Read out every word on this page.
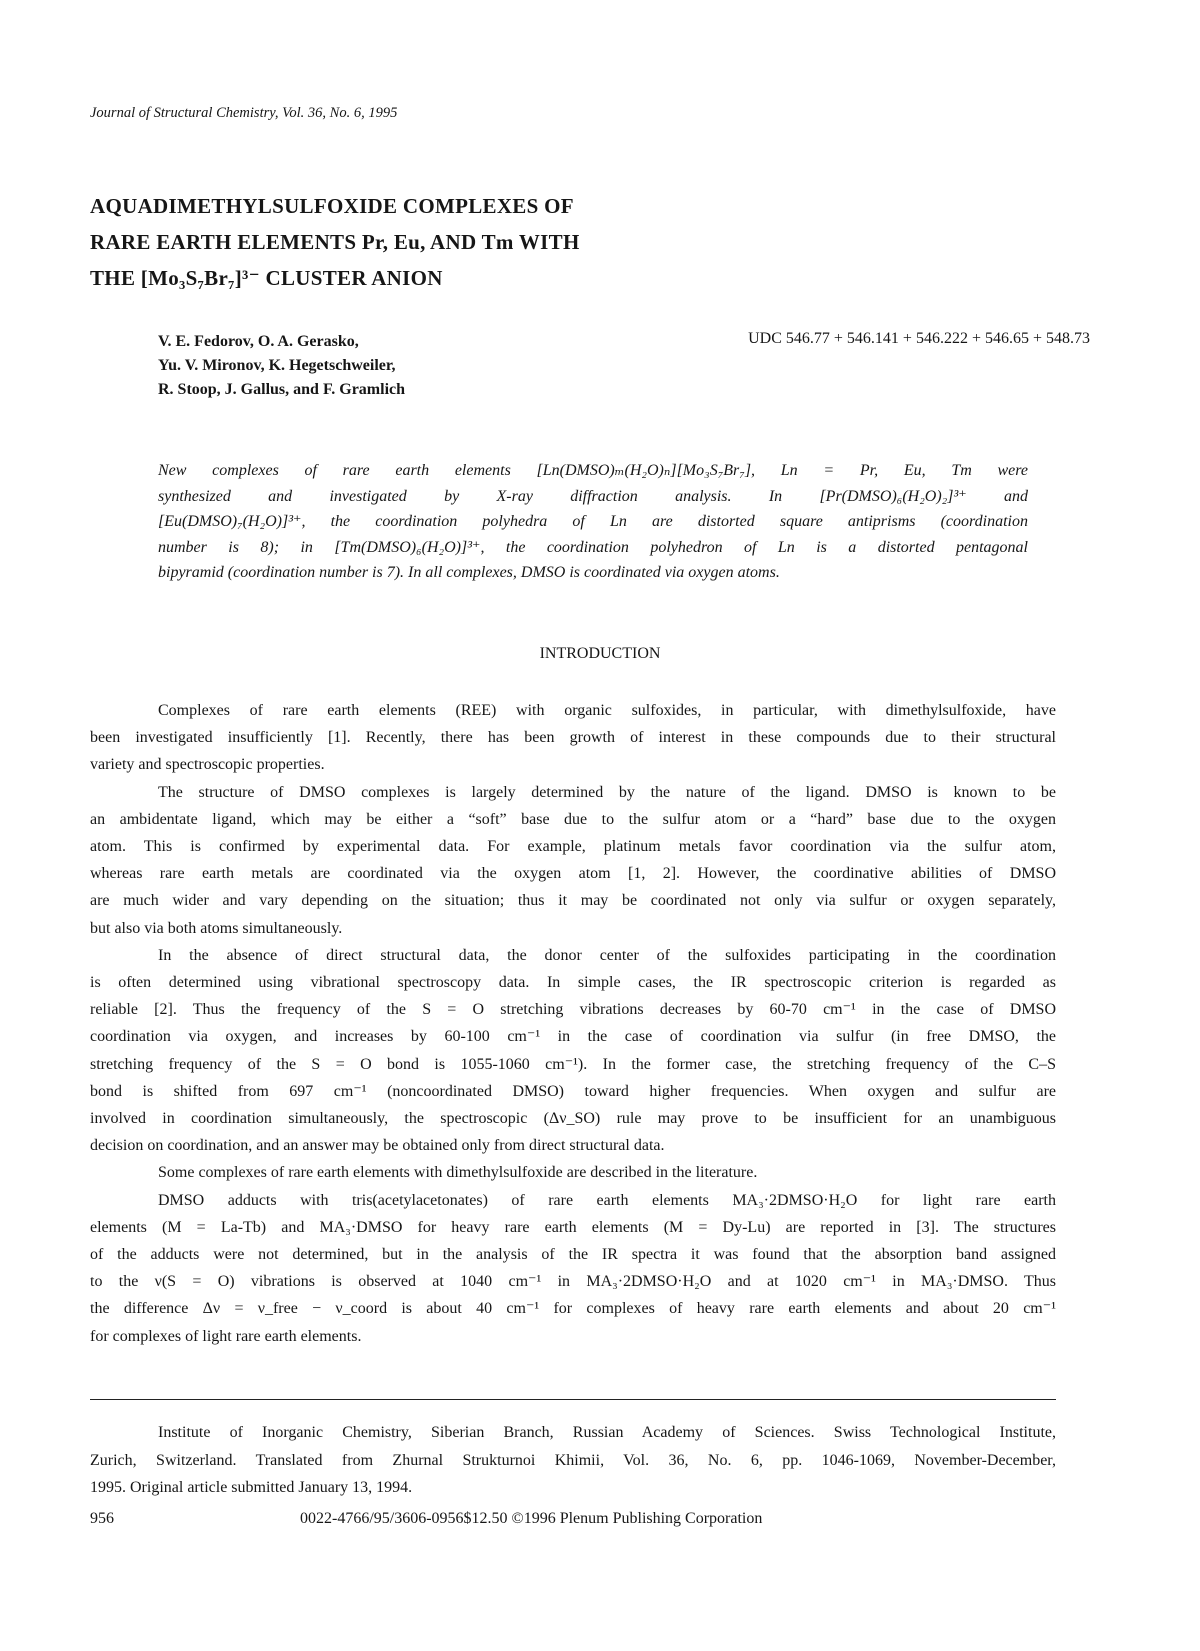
Journal of Structural Chemistry, Vol. 36, No. 6, 1995
AQUADIMETHYLSULFOXIDE COMPLEXES OF
RARE EARTH ELEMENTS Pr, Eu, AND Tm WITH
THE [Mo₃S₇Br₇]³⁻ CLUSTER ANION
V. E. Fedorov, O. A. Gerasko,
Yu. V. Mironov, K. Hegetschweiler,
R. Stoop, J. Gallus, and F. Gramlich
UDC 546.77 + 546.141 + 546.222 + 546.65 + 548.73
New complexes of rare earth elements [Ln(DMSO)ₘ(H₂O)ₙ][Mo₃S₇Br₇], Ln = Pr, Eu, Tm were
synthesized and investigated by X-ray diffraction analysis. In [Pr(DMSO)₆(H₂O)₂]³⁺ and
[Eu(DMSO)₇(H₂O)]³⁺, the coordination polyhedra of Ln are distorted square antiprisms (coordination
number is 8); in [Tm(DMSO)₆(H₂O)]³⁺, the coordination polyhedron of Ln is a distorted pentagonal
bipyramid (coordination number is 7). In all complexes, DMSO is coordinated via oxygen atoms.
INTRODUCTION
Complexes of rare earth elements (REE) with organic sulfoxides, in particular, with dimethylsulfoxide, have
been investigated insufficiently [1]. Recently, there has been growth of interest in these compounds due to their structural
variety and spectroscopic properties.
The structure of DMSO complexes is largely determined by the nature of the ligand. DMSO is known to be
an ambidentate ligand, which may be either a “soft” base due to the sulfur atom or a “hard” base due to the oxygen
atom. This is confirmed by experimental data. For example, platinum metals favor coordination via the sulfur atom,
whereas rare earth metals are coordinated via the oxygen atom [1, 2]. However, the coordinative abilities of DMSO
are much wider and vary depending on the situation; thus it may be coordinated not only via sulfur or oxygen separately,
but also via both atoms simultaneously.
In the absence of direct structural data, the donor center of the sulfoxides participating in the coordination
is often determined using vibrational spectroscopy data. In simple cases, the IR spectroscopic criterion is regarded as
reliable [2]. Thus the frequency of the S = O stretching vibrations decreases by 60-70 cm⁻¹ in the case of DMSO
coordination via oxygen, and increases by 60-100 cm⁻¹ in the case of coordination via sulfur (in free DMSO, the
stretching frequency of the S = O bond is 1055-1060 cm⁻¹). In the former case, the stretching frequency of the C–S
bond is shifted from 697 cm⁻¹ (noncoordinated DMSO) toward higher frequencies. When oxygen and sulfur are
involved in coordination simultaneously, the spectroscopic (Δν_SO) rule may prove to be insufficient for an unambiguous
decision on coordination, and an answer may be obtained only from direct structural data.
Some complexes of rare earth elements with dimethylsulfoxide are described in the literature.
DMSO adducts with tris(acetylacetonates) of rare earth elements MA₃·2DMSO·H₂O for light rare earth
elements (M = La-Tb) and MA₃·DMSO for heavy rare earth elements (M = Dy-Lu) are reported in [3]. The structures
of the adducts were not determined, but in the analysis of the IR spectra it was found that the absorption band assigned
to the ν(S = O) vibrations is observed at 1040 cm⁻¹ in MA₃·2DMSO·H₂O and at 1020 cm⁻¹ in MA₃·DMSO. Thus
the difference Δν = ν_free − ν_coord is about 40 cm⁻¹ for complexes of heavy rare earth elements and about 20 cm⁻¹
for complexes of light rare earth elements.
Institute of Inorganic Chemistry, Siberian Branch, Russian Academy of Sciences. Swiss Technological Institute,
Zurich, Switzerland. Translated from Zhurnal Strukturnoi Khimii, Vol. 36, No. 6, pp. 1046-1069, November-December,
1995. Original article submitted January 13, 1994.
956	0022-4766/95/3606-0956$12.50 ©1996 Plenum Publishing Corporation
